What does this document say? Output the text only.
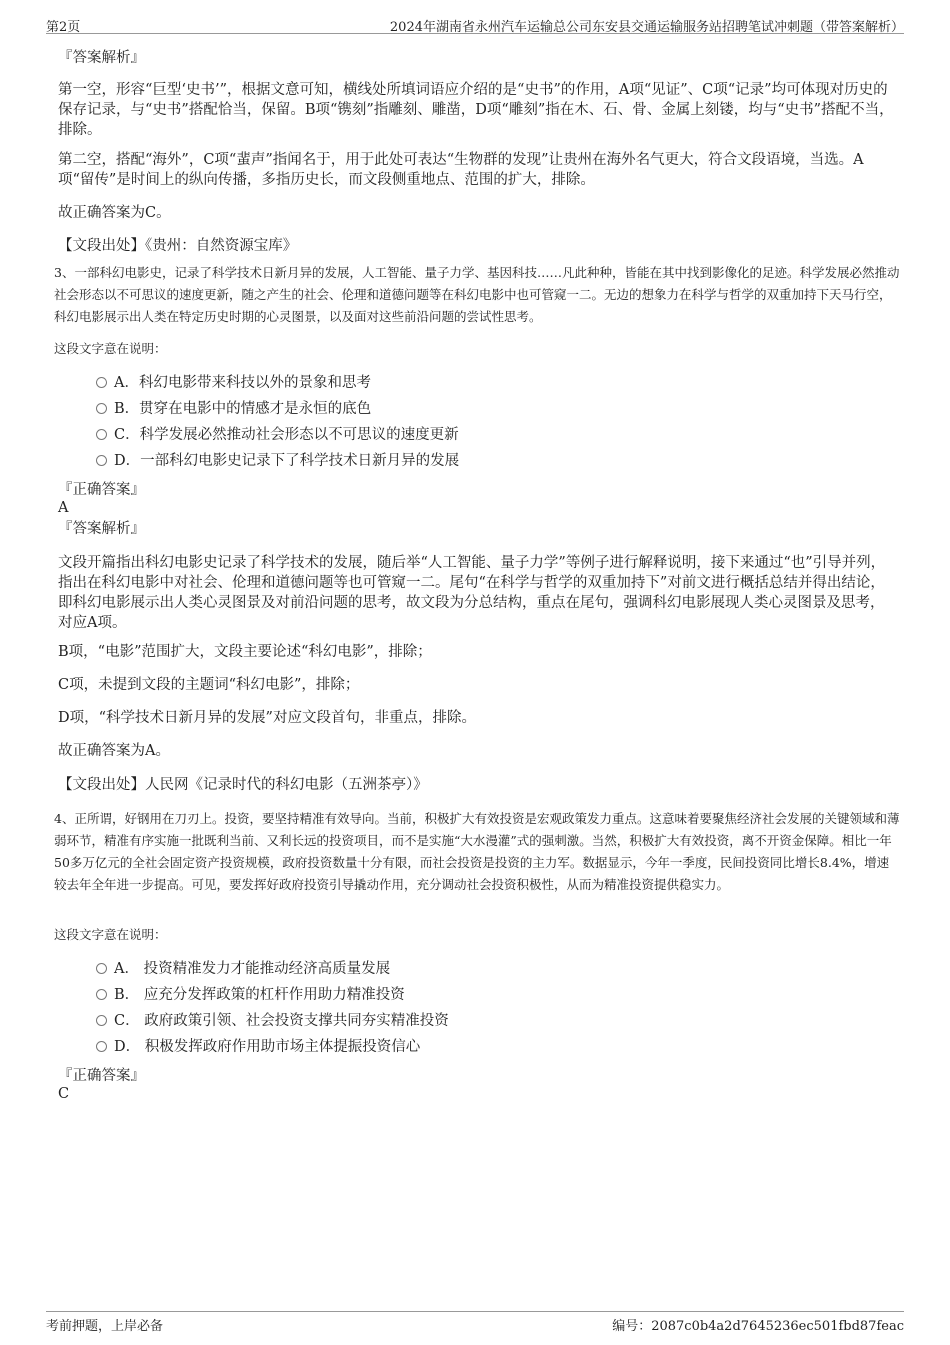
第2页	2024年湖南省永州汽车运输总公司东安县交通运输服务站招聘笔试冲刺题（带答案解析）

『答案解析』

第一空，形容“巨型‘史书’”，根据文意可知，横线处所填词语应介绍的是“史书”的作用，A项“见证”、C项“记录”均可体现对历史的保存记录，与“史书”搭配恰当，保留。B项“镌刻”指雕刻、雕凿，D项“雕刻”指在木、石、骨、金属上刻镂，均与“史书”搭配不当，排除。

第二空，搭配“海外”，C项“蜚声”指闻名于，用于此处可表达“生物群的发现”让贵州在海外名气更大，符合文段语境，当选。A项“留传”是时间上的纵向传播，多指历史长，而文段侧重地点、范围的扩大，排除。

故正确答案为C。

【文段出处】《贵州：自然资源宝库》

3、一部科幻电影史，记录了科学技术日新月异的发展，人工智能、量子力学、基因科技……凡此种种，皆能在其中找到影像化的足迹。科学发展必然推动社会形态以不可思议的速度更新，随之产生的社会、伦理和道德问题等在科幻电影中也可管窥一二。无边的想象力在科学与哲学的双重加持下天马行空，科幻电影展示出人类在特定历史时期的心灵图景，以及面对这些前沿问题的尝试性思考。

这段文字意在说明：

A．科幻电影带来科技以外的景象和思考
B．贯穿在电影中的情感才是永恒的底色
C．科学发展必然推动社会形态以不可思议的速度更新
D．一部科幻电影史记录下了科学技术日新月异的发展

『正确答案』

A

『答案解析』

文段开篇指出科幻电影史记录了科学技术的发展，随后举“人工智能、量子力学”等例子进行解释说明，接下来通过“也”引导并列，指出在科幻电影中对社会、伦理和道德问题等也可管窥一二。尾句“在科学与哲学的双重加持下”对前文进行概括总结并得出结论，即科幻电影展示出人类心灵图景及对前沿问题的思考，故文段为分总结构，重点在尾句，强调科幻电影展现人类心灵图景及思考，对应A项。

B项，“电影”范围扩大，文段主要论述“科幻电影”，排除；

C项，未提到文段的主题词“科幻电影”，排除；

D项，“科学技术日新月异的发展”对应文段首句，非重点，排除。

故正确答案为A。

【文段出处】人民网《记录时代的科幻电影（五洲茶亭）》

4、正所谓，好钢用在刀刃上。投资，要坚持精准有效导向。当前，积极扩大有效投资是宏观政策发力重点。这意味着要聚焦经济社会发展的关键领域和薄弱环节，精准有序实施一批既利当前、又利长远的投资项目，而不是实施“大水漫灌”式的强刺激。当然，积极扩大有效投资，离不开资金保障。相比一年50多万亿元的全社会固定资产投资规模，政府投资数量十分有限，而社会投资是投资的主力军。数据显示，今年一季度，民间投资同比增长8.4%，增速较去年全年进一步提高。可见，要发挥好政府投资引导撬动作用，充分调动社会投资积极性，从而为精准投资提供稳实力。

这段文字意在说明：

A． 投资精准发力才能推动经济高质量发展
B． 应充分发挥政策的杠杆作用助力精准投资
C． 政府政策引领、社会投资支撑共同夯实精准投资
D． 积极发挥政府作用助市场主体提振投资信心

『正确答案』

C

考前押题，上岸必备	编号：2087c0b4a2d7645236ec501fbd87feac
